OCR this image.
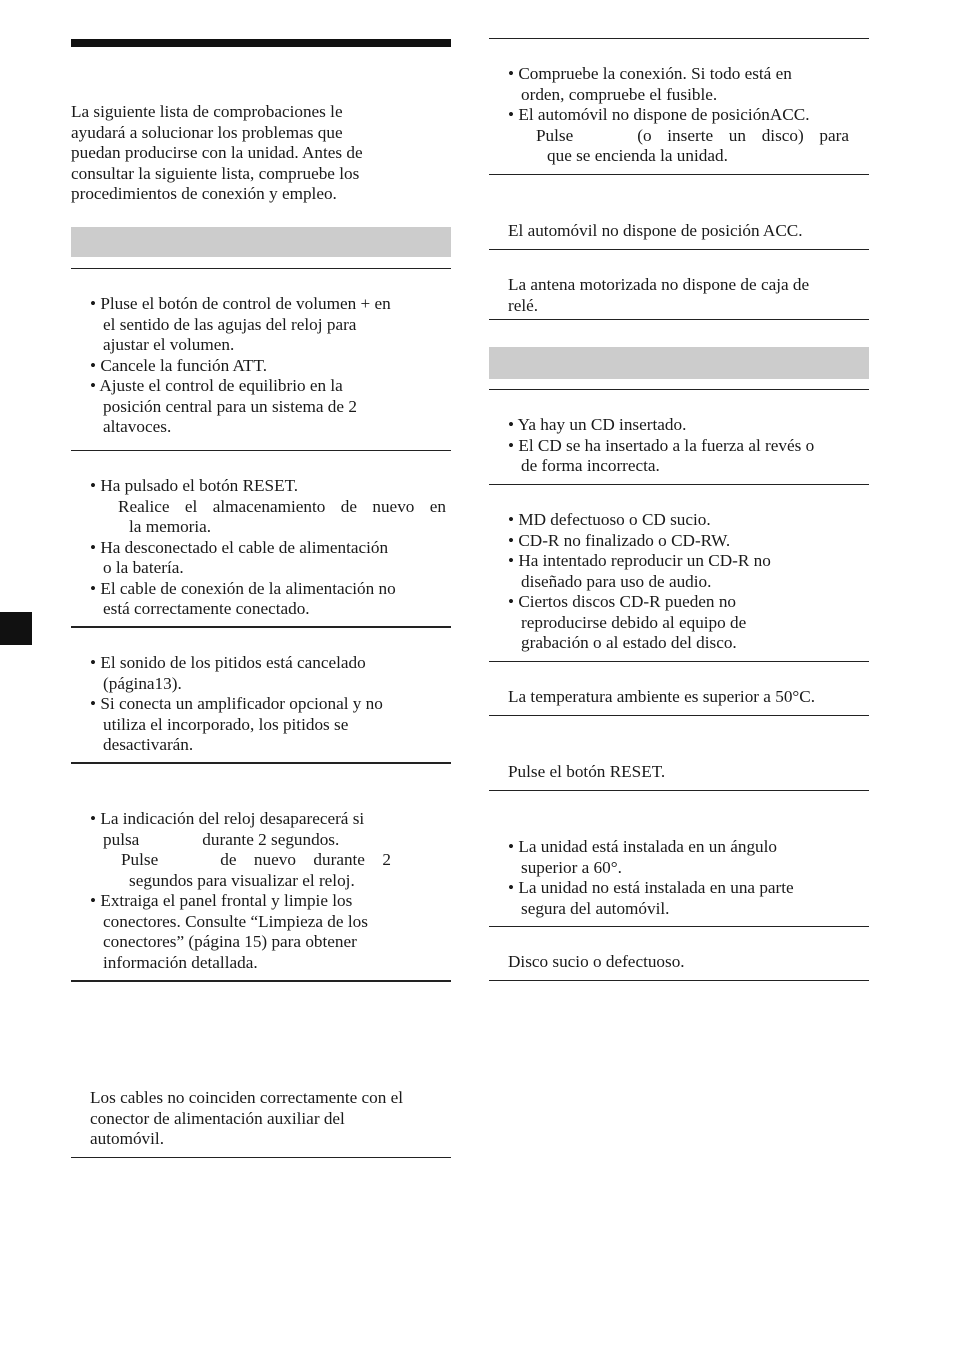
La siguiente lista de comprobaciones le
ayudará a solucionar los problemas que
puedan producirse con la unidad. Antes de
consultar la siguiente lista, compruebe los
procedimientos de conexión y empleo.
• Pluse el botón de control de volumen + en
el sentido de las agujas del reloj para
ajustar el volumen.
• Cancele la función ATT.
• Ajuste el control de equilibrio en la
posición central para un sistema de 2
altavoces.
• Ha pulsado el botón RESET.
Realice el almacenamiento de nuevo en
la memoria.
• Ha desconectado el cable de alimentación
o la batería.
• El cable de conexión de la alimentación no
está correctamente conectado.
• El sonido de los pitidos está cancelado
(página13).
• Si conecta un amplificador opcional y no
utiliza el incorporado, los pitidos se
desactivarán.
• La indicación del reloj desaparecerá si
pulsa	durante 2 segundos.
Pulse	de nuevo durante 2
segundos para visualizar el reloj.
• Extraiga el panel frontal y limpie los
conectores. Consulte “Limpieza de los
conectores” (página 15) para obtener
información detallada.
Los cables no coinciden correctamente con el
conector de alimentación auxiliar del
automóvil.
• Compruebe la conexión. Si todo está en
orden, compruebe el fusible.
• El automóvil no dispone de posiciónACC.
Pulse	(o inserte un disco) para
que se encienda la unidad.
El automóvil no dispone de posición ACC.
La antena motorizada no dispone de caja de
relé.
• Ya hay un CD insertado.
• El CD se ha insertado a la fuerza al revés o
de forma incorrecta.
• MD defectuoso o CD sucio.
• CD-R no finalizado o CD-RW.
• Ha intentado reproducir un CD-R no
diseñado para uso de audio.
• Ciertos discos CD-R pueden no
reproducirse debido al equipo de
grabación o al estado del disco.
La temperatura ambiente es superior a 50°C.
Pulse el botón RESET.
• La unidad está instalada en un ángulo
superior a 60°.
• La unidad no está instalada en una parte
segura del automóvil.
Disco sucio o defectuoso.
